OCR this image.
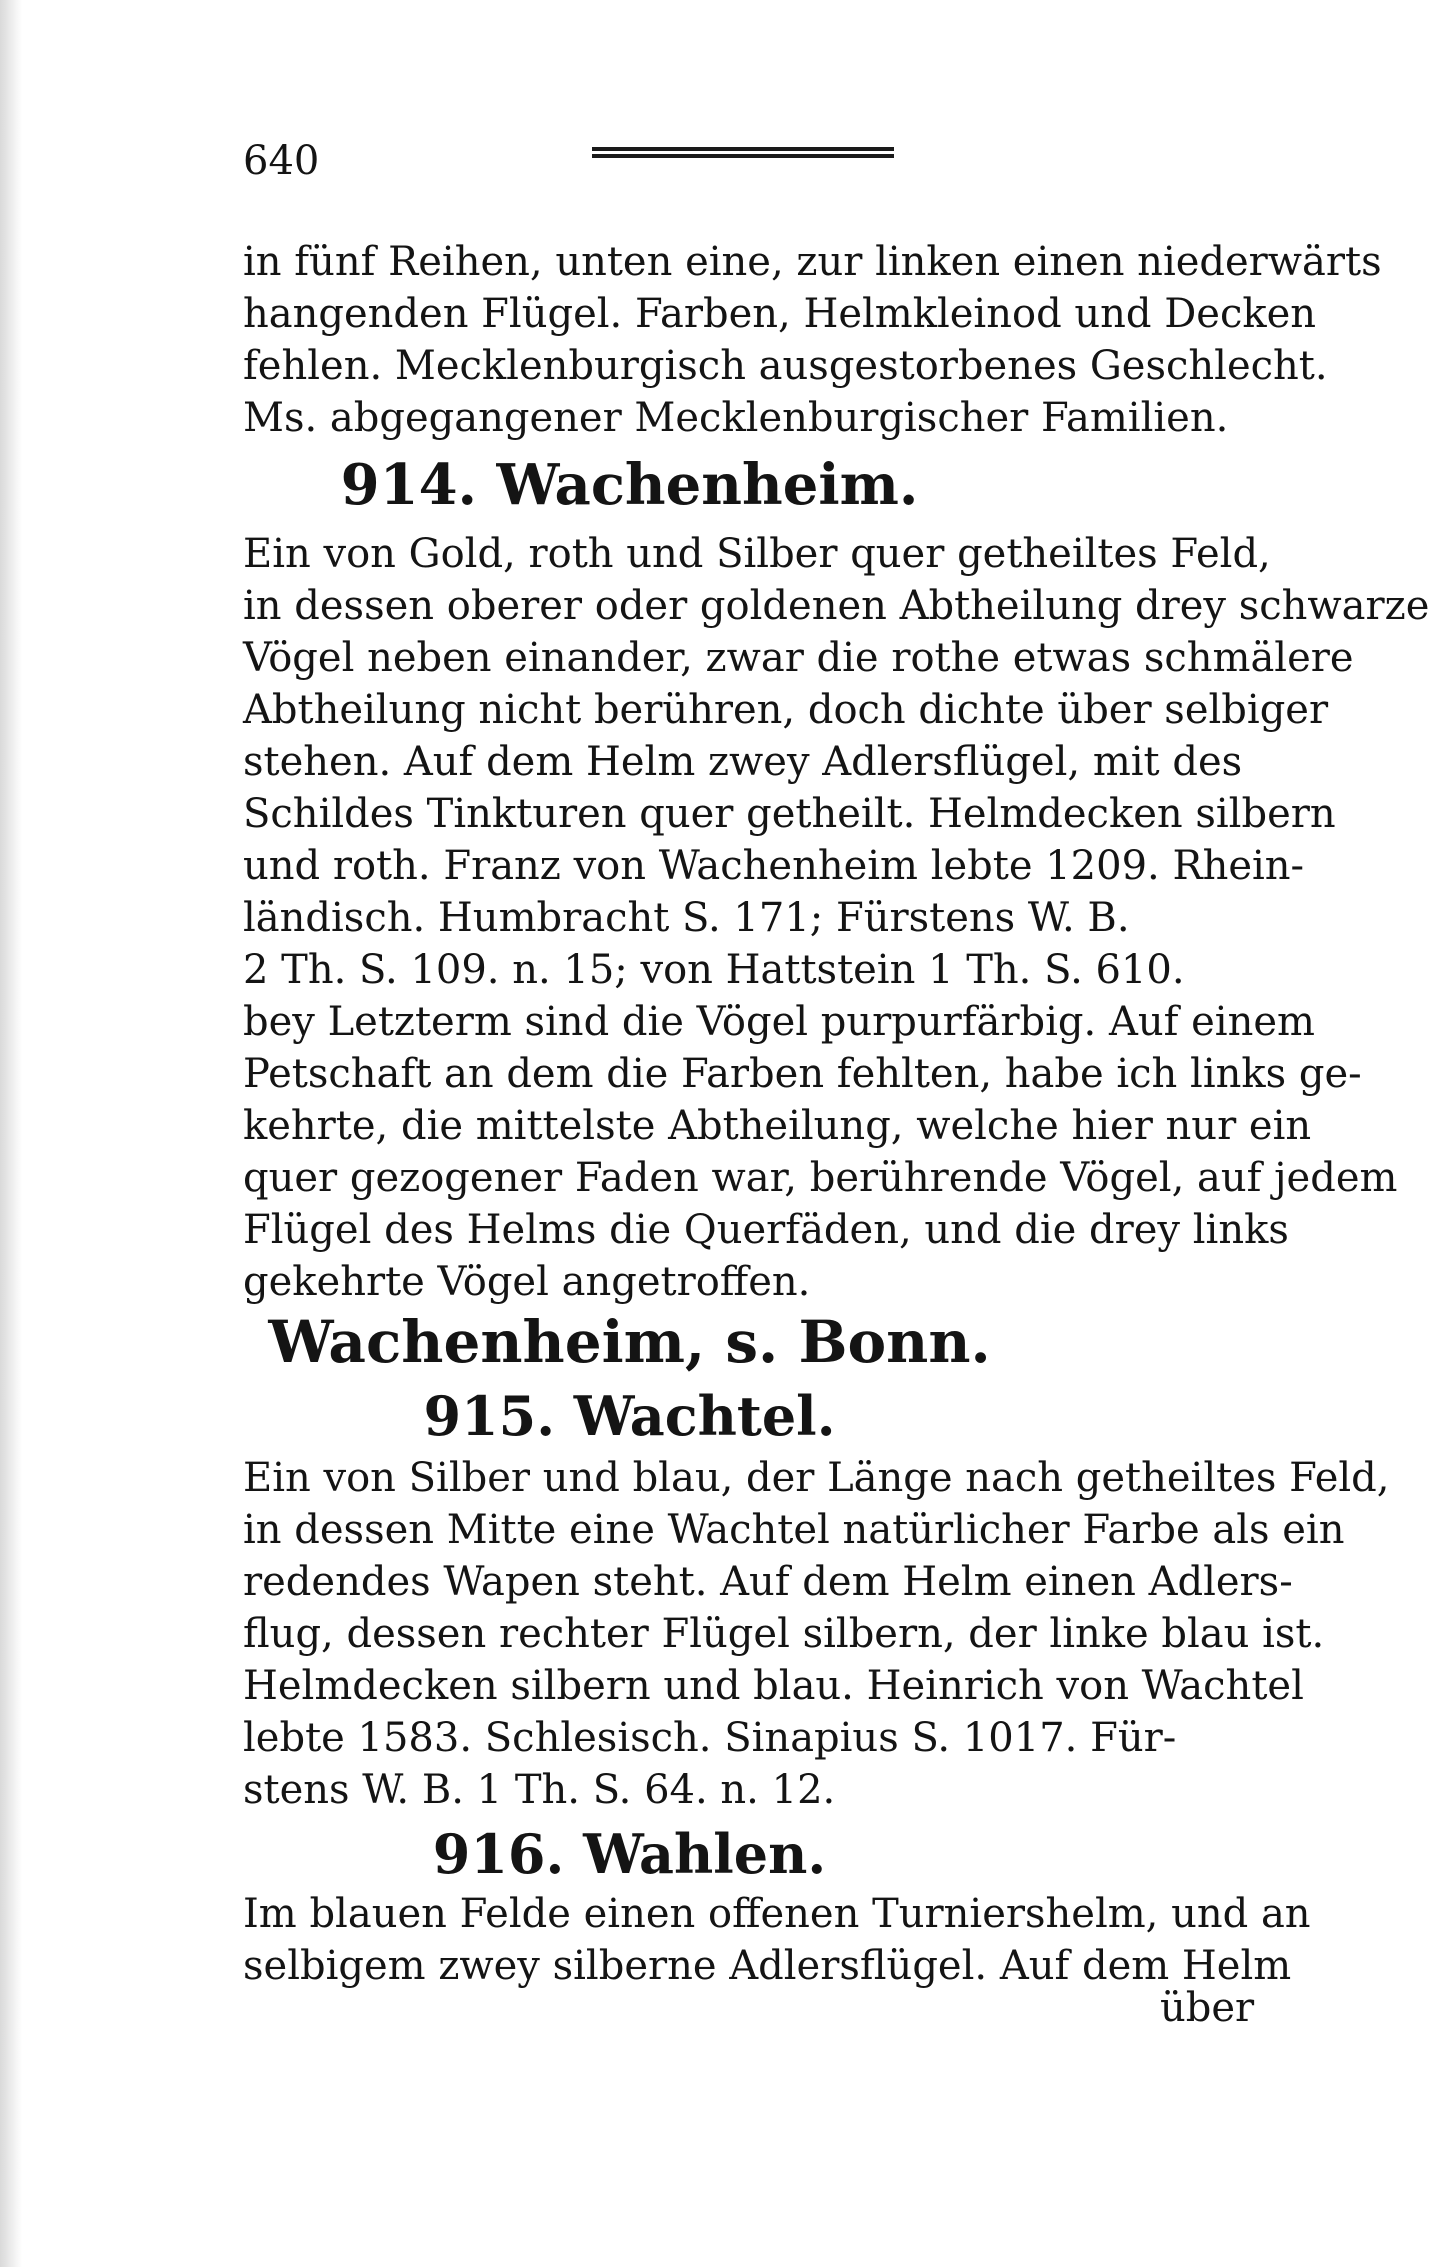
640
in fünf Reihen, unten eine, zur linken einen niederwärts
hangenden Flügel. Farben, Helmkleinod und Decken
fehlen. Mecklenburgisch ausgestorbenes Geschlecht.
Ms. abgegangener Mecklenburgischer Familien.
914. Wachenheim.
Ein von Gold, roth und Silber quer getheiltes Feld,
in dessen oberer oder goldenen Abtheilung drey schwarze
Vögel neben einander, zwar die rothe etwas schmälere
Abtheilung nicht berühren, doch dichte über selbiger
stehen. Auf dem Helm zwey Adlersflügel, mit des
Schildes Tinkturen quer getheilt. Helmdecken silbern
und roth. Franz von Wachenheim lebte 1209. Rhein-
ländisch. Humbracht S. 171; Fürstens W. B.
2 Th. S. 109. n. 15; von Hattstein 1 Th. S. 610.
bey Letzterm sind die Vögel purpurfärbig. Auf einem
Petschaft an dem die Farben fehlten, habe ich links ge-
kehrte, die mittelste Abtheilung, welche hier nur ein
quer gezogener Faden war, berührende Vögel, auf jedem
Flügel des Helms die Querfäden, und die drey links
gekehrte Vögel angetroffen.
Wachenheim, s. Bonn.
915. Wachtel.
Ein von Silber und blau, der Länge nach getheiltes Feld,
in dessen Mitte eine Wachtel natürlicher Farbe als ein
redendes Wapen steht. Auf dem Helm einen Adlers-
flug, dessen rechter Flügel silbern, der linke blau ist.
Helmdecken silbern und blau. Heinrich von Wachtel
lebte 1583. Schlesisch. Sinapius S. 1017. Für-
stens W. B. 1 Th. S. 64. n. 12.
916. Wahlen.
Im blauen Felde einen offenen Turniershelm, und an
selbigem zwey silberne Adlersflügel. Auf dem Helm
über
